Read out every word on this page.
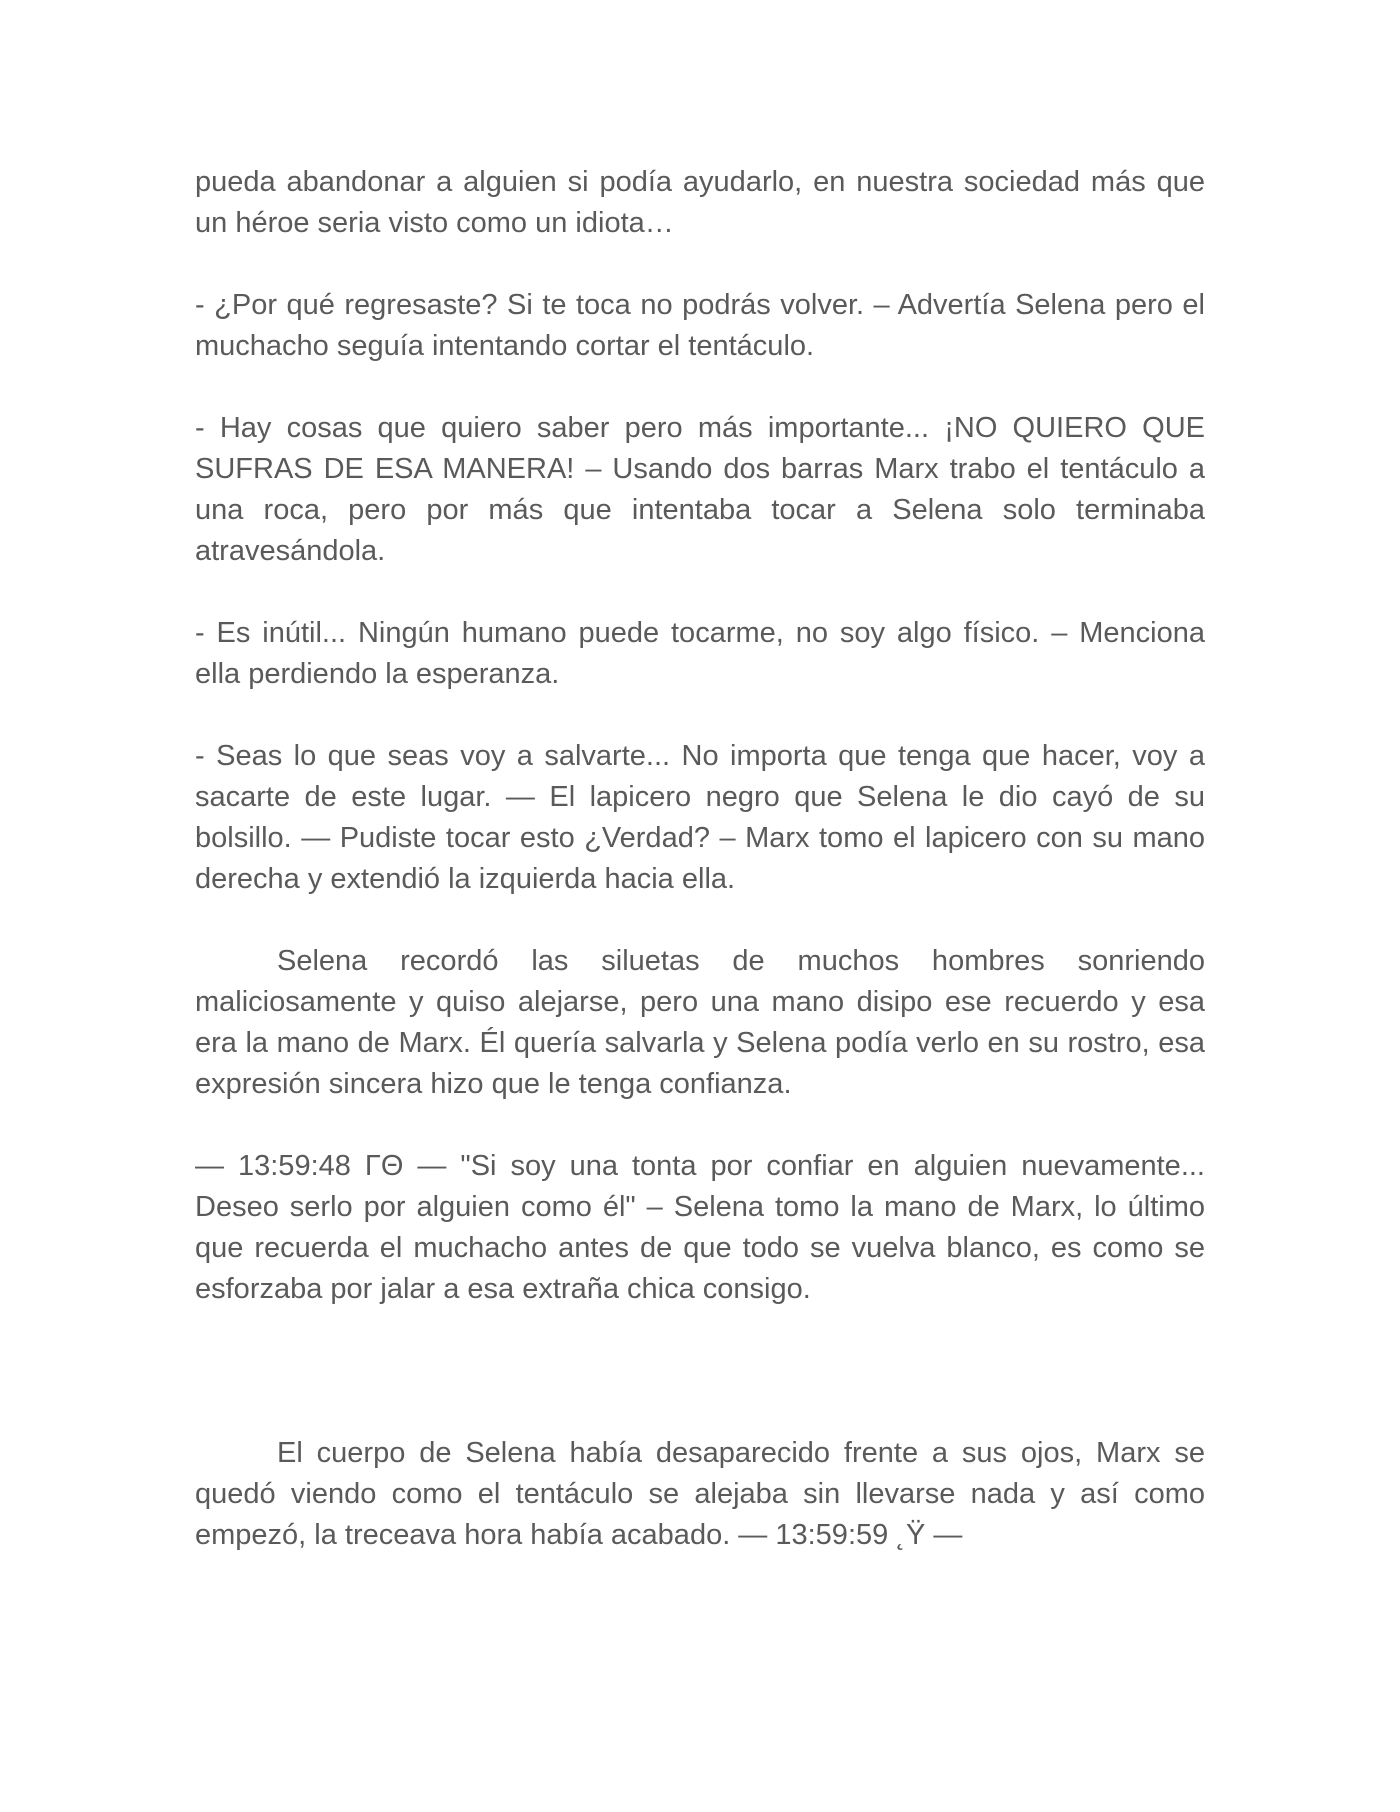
pueda abandonar a alguien si podía ayudarlo, en nuestra sociedad más que un héroe seria visto como un idiota…

- ¿Por qué regresaste? Si te toca no podrás volver. – Advertía Selena pero el muchacho seguía intentando cortar el tentáculo.

- Hay cosas que quiero saber pero más importante... ¡NO QUIERO QUE SUFRAS DE ESA MANERA! – Usando dos barras Marx trabo el tentáculo a una roca, pero por más que intentaba tocar a Selena solo terminaba atravesándola.

- Es inútil... Ningún humano puede tocarme, no soy algo físico. – Menciona ella perdiendo la esperanza.

- Seas lo que seas voy a salvarte... No importa que tenga que hacer, voy a sacarte de este lugar. — El lapicero negro que Selena le dio cayó de su bolsillo. — Pudiste tocar esto ¿Verdad? – Marx tomo el lapicero con su mano derecha y extendió la izquierda hacia ella.

Selena recordó las siluetas de muchos hombres sonriendo maliciosamente y quiso alejarse, pero una mano disipo ese recuerdo y esa era la mano de Marx. Él quería salvarla y Selena podía verlo en su rostro, esa expresión sincera hizo que le tenga confianza.

— 13:59:48 ΓΘ — "Si soy una tonta por confiar en alguien nuevamente... Deseo serlo por alguien como él" – Selena tomo la mano de Marx, lo último que recuerda el muchacho antes de que todo se vuelva blanco, es como se esforzaba por jalar a esa extraña chica consigo.

El cuerpo de Selena había desaparecido frente a sus ojos, Marx se quedó viendo como el tentáculo se alejaba sin llevarse nada y así como empezó, la treceava hora había acabado. — 13:59:59 ˛Ÿ —
